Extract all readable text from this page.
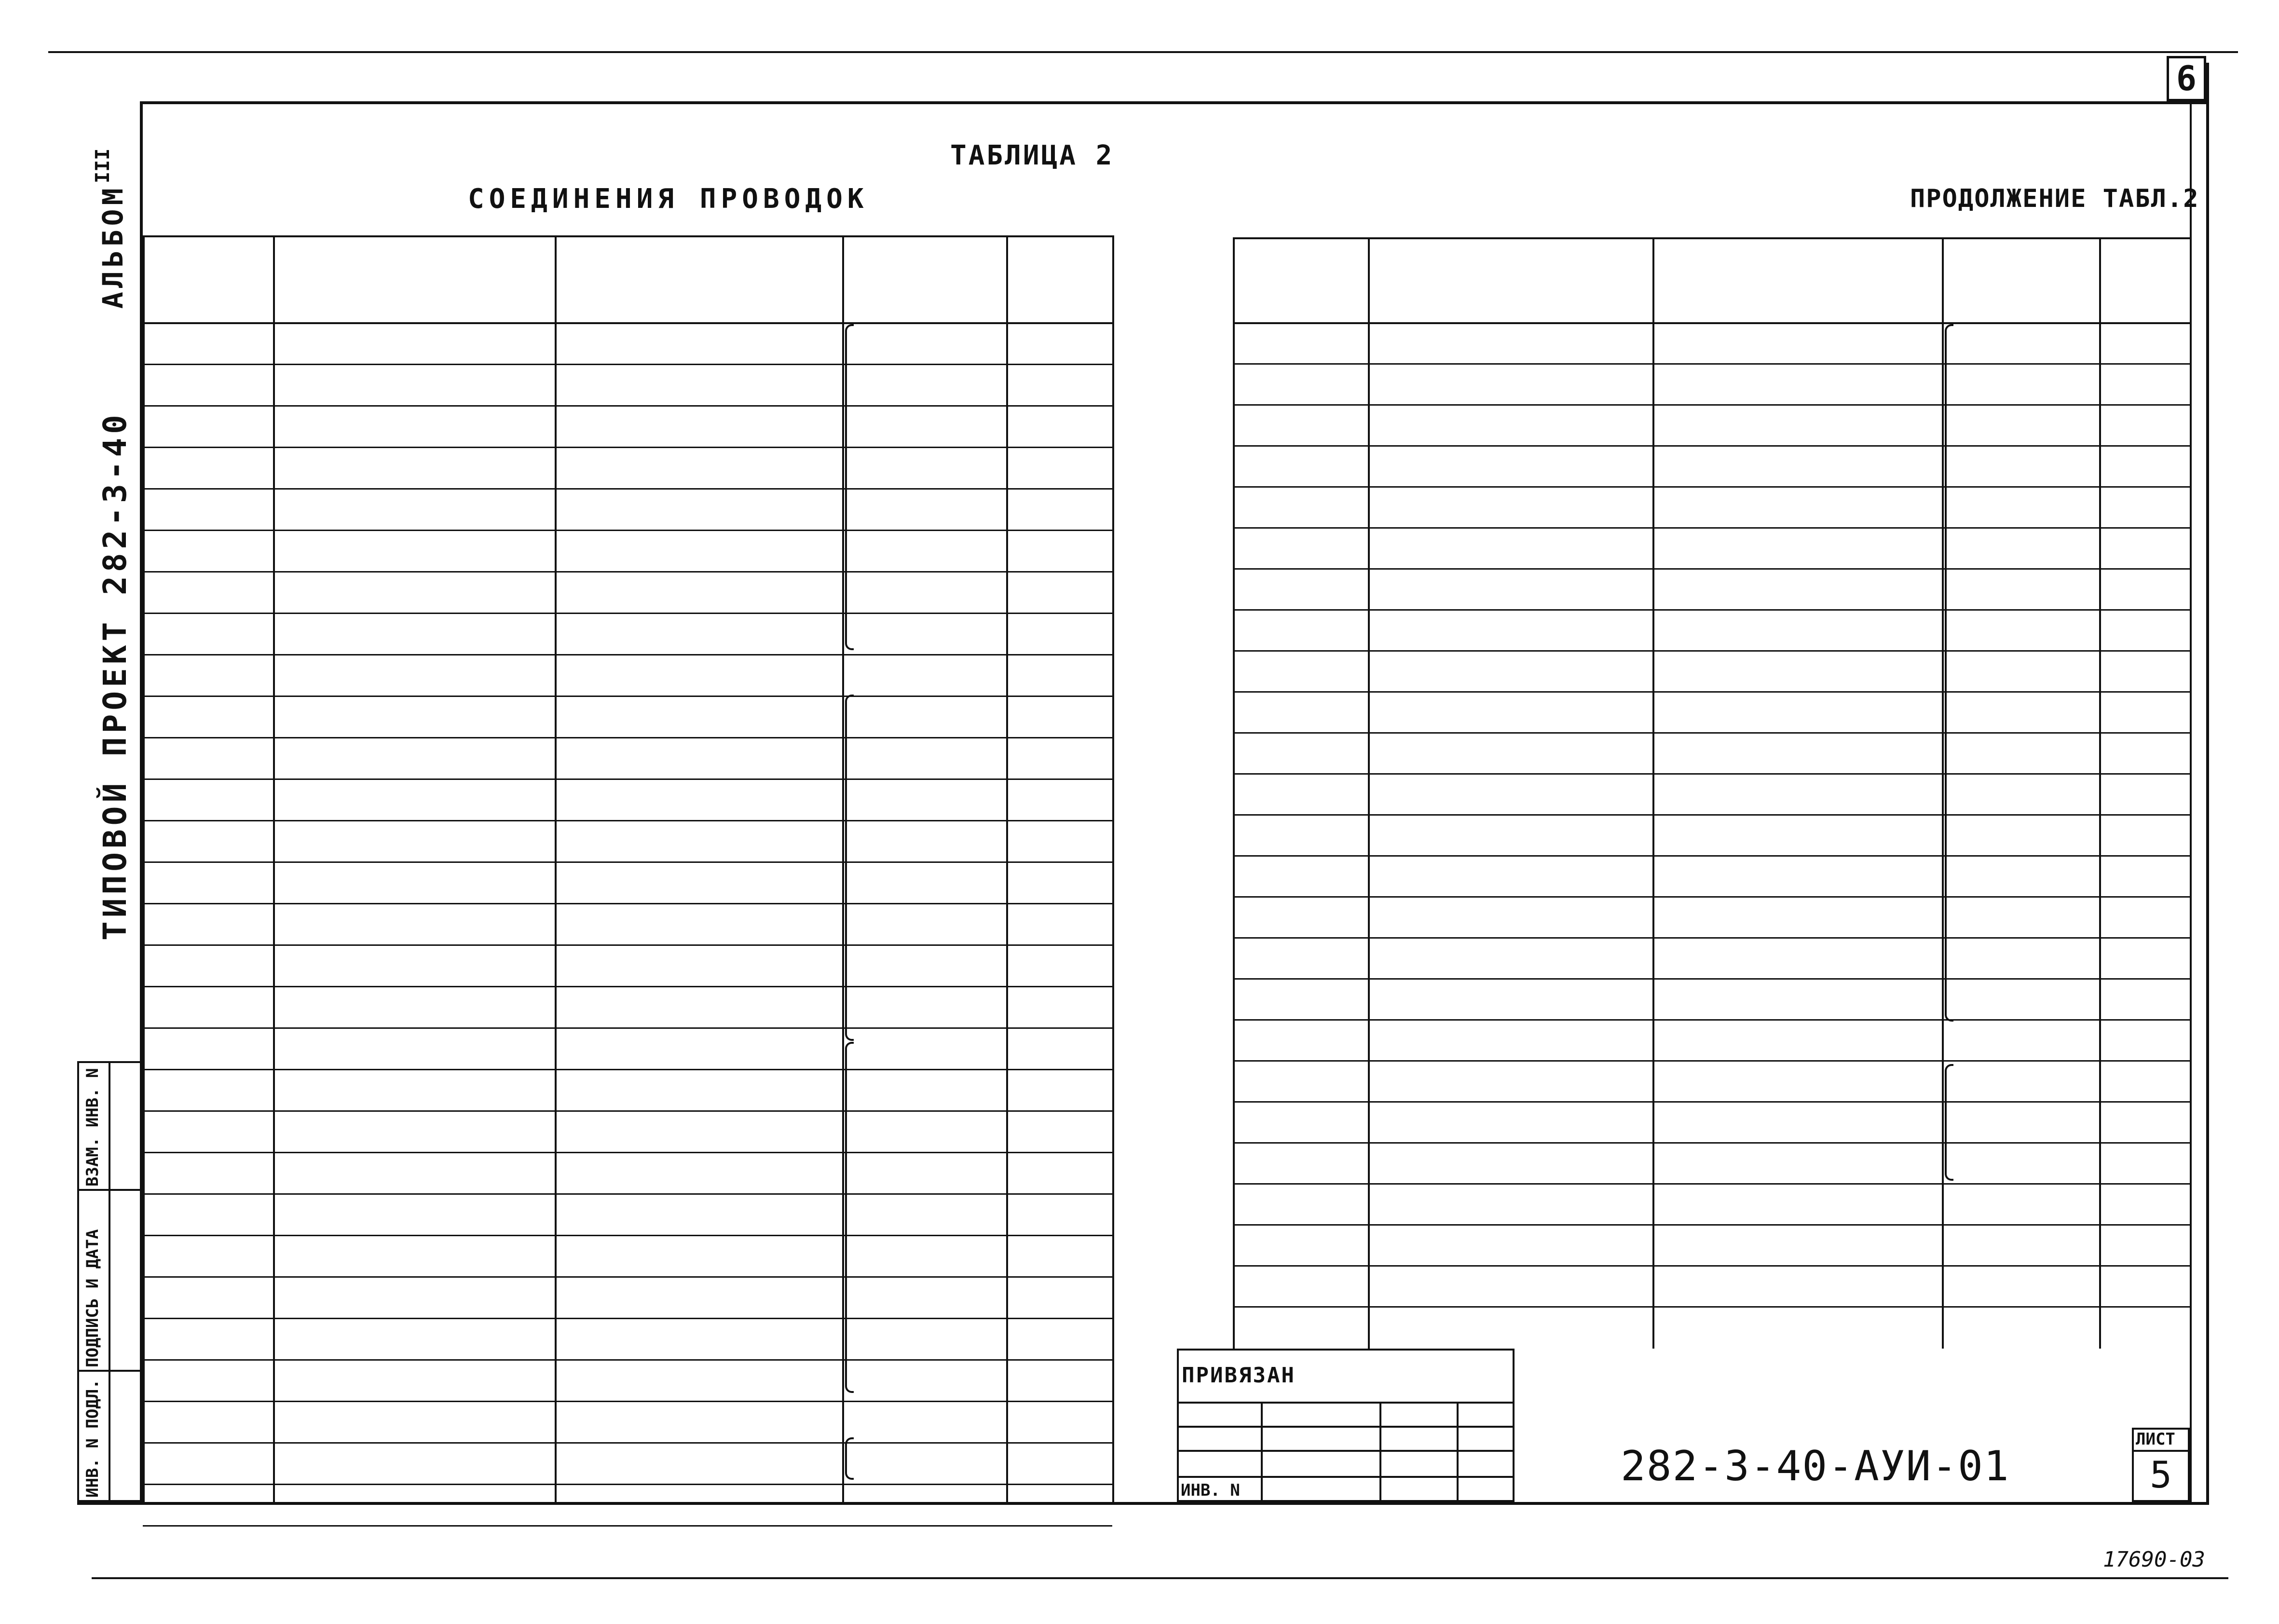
6
ТАБЛИЦА 2
СОЕДИНЕНИЯ ПРОВОДОК	ПРОДОЛЖЕНИЕ ТАБЛ.2
АЛЬБОМ
III
ТИПОВОЙ ПРОЕКТ 282-3-40
ВЗАМ. ИНВ. N
ПОДПИСЬ И ДАТА
ИНВ. N ПОДЛ.
ПРИВЯЗАН
ИНВ. N	282-3-40-АУИ-01
ЛИСТ
5
17690-03
